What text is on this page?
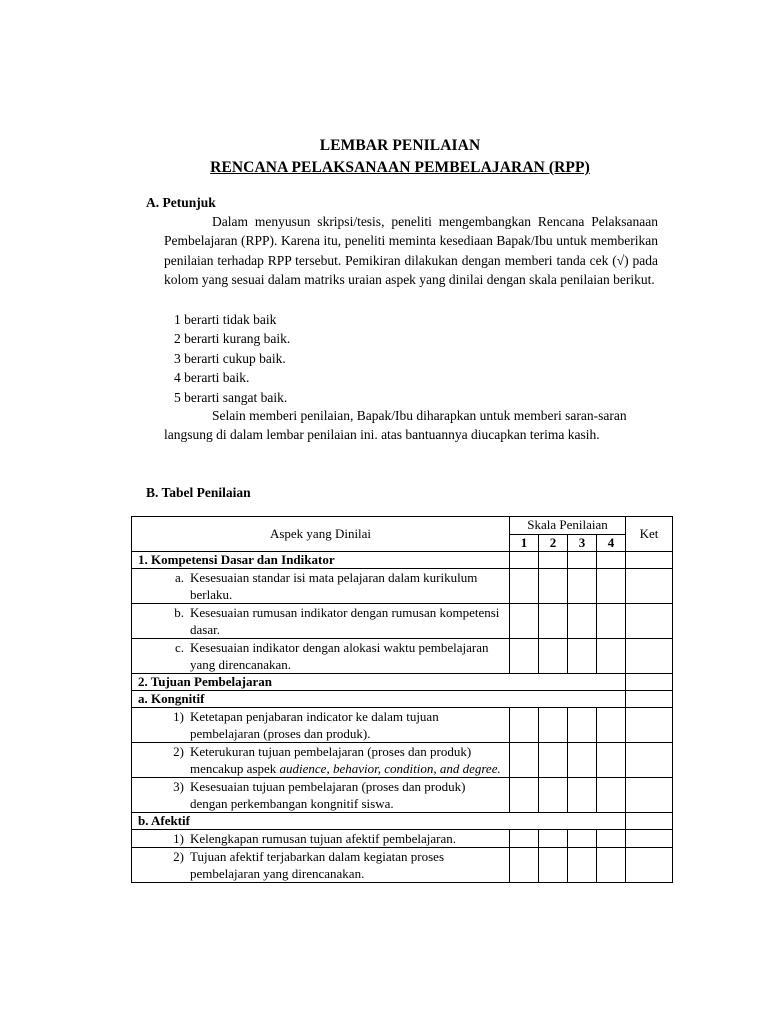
LEMBAR PENILAIAN
RENCANA PELAKSANAAN PEMBELAJARAN (RPP)
A. Petunjuk
Dalam menyusun skripsi/tesis, peneliti mengembangkan Rencana Pelaksanaan Pembelajaran (RPP). Karena itu, peneliti meminta kesediaan Bapak/Ibu untuk memberikan penilaian terhadap RPP tersebut. Pemikiran dilakukan dengan memberi tanda cek (√) pada kolom yang sesuai dalam matriks uraian aspek yang dinilai dengan skala penilaian berikut.
1 berarti tidak baik
2 berarti kurang baik.
3 berarti cukup baik.
4 berarti baik.
5 berarti sangat baik.
Selain memberi penilaian, Bapak/Ibu diharapkan untuk memberi saran-saran langsung di dalam lembar penilaian ini. atas bantuannya diucapkan terima kasih.
B. Tabel Penilaian
Aspek yang Dinilai	Skala Penilaian				Ket
	1	2	3	4	
1. Kompetensi Dasar dan Indikator					

a. Kesesuaian standar isi mata pelajaran dalam kurikulum berlaku.					

b. Kesesuaian rumusan indikator dengan rumusan kompetensi dasar.					

c. Kesesuaian indikator dengan alokasi waktu pembelajaran yang direncanakan.					

2. Tujuan Pembelajaran					
a. Kongnitif					

1) Ketetapan penjabaran indicator ke dalam tujuan pembelajaran (proses dan produk).					

2) Keterukuran tujuan pembelajaran (proses dan produk) mencakup aspek audience, behavior, condition, and degree.					

3) Kesesuaian tujuan pembelajaran (proses dan produk) dengan perkembangan kongnitif siswa.					

b. Afektif					

1) Kelengkapan rumusan tujuan afektif pembelajaran.					

2) Tujuan afektif terjabarkan dalam kegiatan proses pembelajaran yang direncanakan.					
